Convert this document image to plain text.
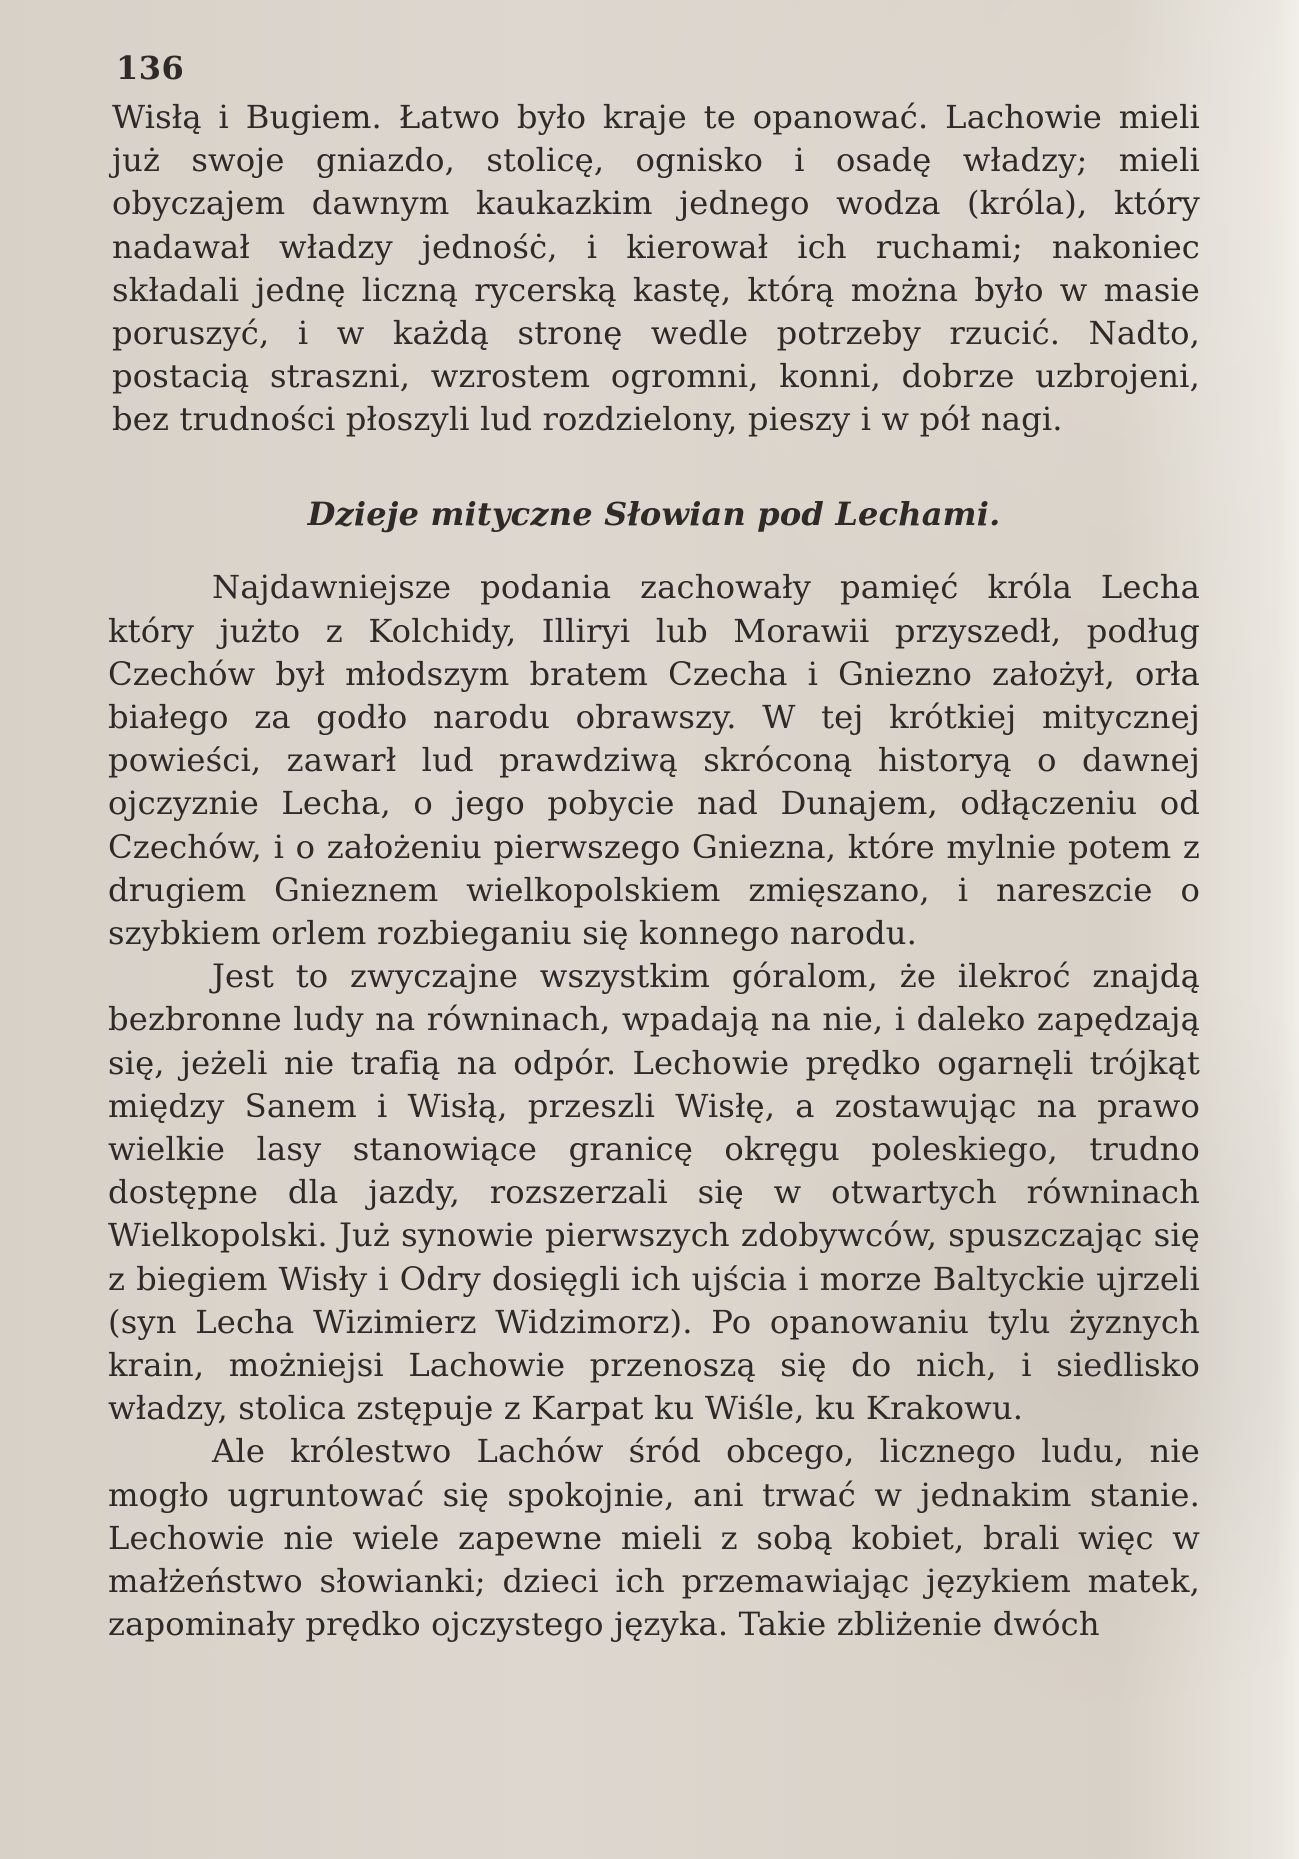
136

Wisłą i Bugiem. Łatwo było kraje te opanować. Lachowie mieli już swoje gniazdo, stolicę, ognisko i osadę władzy; mieli obyczajem dawnym kaukazkim jednego wodza (króla), który nadawał władzy jednośċ, i kierował ich ruchami; nakoniec składali jednę liczną rycerską kastę, którą można było w masie poruszyć, i w każdą stronę wedle potrzeby rzucić. Nadto, postacią straszni, wzrostem ogromni, konni, dobrze uzbrojeni, bez trudności płoszyli lud rozdzielony, pieszy i w pół nagi.

Dzieje mityczne Słowian pod Lechami.

Najdawniejsze podania zachowały pamięć króla Lecha który jużto z Kolchidy, Illiryi lub Morawii przyszedł, podług Czechów był młodszym bratem Czecha i Gniezno założył, orła białego za godło narodu obrawszy. W tej krótkiej mitycznej powieści, zawarł lud prawdziwą skróconą historyą o dawnej ojczyznie Lecha, o jego pobycie nad Dunajem, odłączeniu od Czechów, i o założeniu pierwszego Gniezna, które mylnie potem z drugiem Gnieznem wielkopolskiem zmięszano, i nareszcie o szybkiem orlem rozbieganiu się konnego narodu.

Jest to zwyczajne wszystkim góralom, że ilekroć znajdą bezbronne ludy na równinach, wpadają na nie, i daleko zapędzają się, jeżeli nie trafią na odpór. Lechowie prędko ogarnęli trójkąt między Sanem i Wisłą, przeszli Wisłę, a zostawując na prawo wielkie lasy stanowiące granicę okręgu poleskiego, trudno dostępne dla jazdy, rozszerzali się w otwartych równinach Wielkopolski. Już synowie pierwszych zdobywców, spuszczając się z biegiem Wisły i Odry dosięgli ich ujścia i morze Baltyckie ujrzeli (syn Lecha Wizimierz Widzimorz). Po opanowaniu tylu żyznych krain, możniejsi Lachowie przenoszą się do nich, i siedlisko władzy, stolica zstępuje z Karpat ku Wiśle, ku Krakowu.

Ale królestwo Lachów śród obcego, licznego ludu, nie mogło ugruntować się spokojnie, ani trwać w jednakim stanie. Lechowie nie wiele zapewne mieli z sobą kobiet, brali więc w małżeństwo słowianki; dzieci ich przemawiając językiem matek, zapominały prędko ojczystego języka. Takie zbliżenie dwóch
